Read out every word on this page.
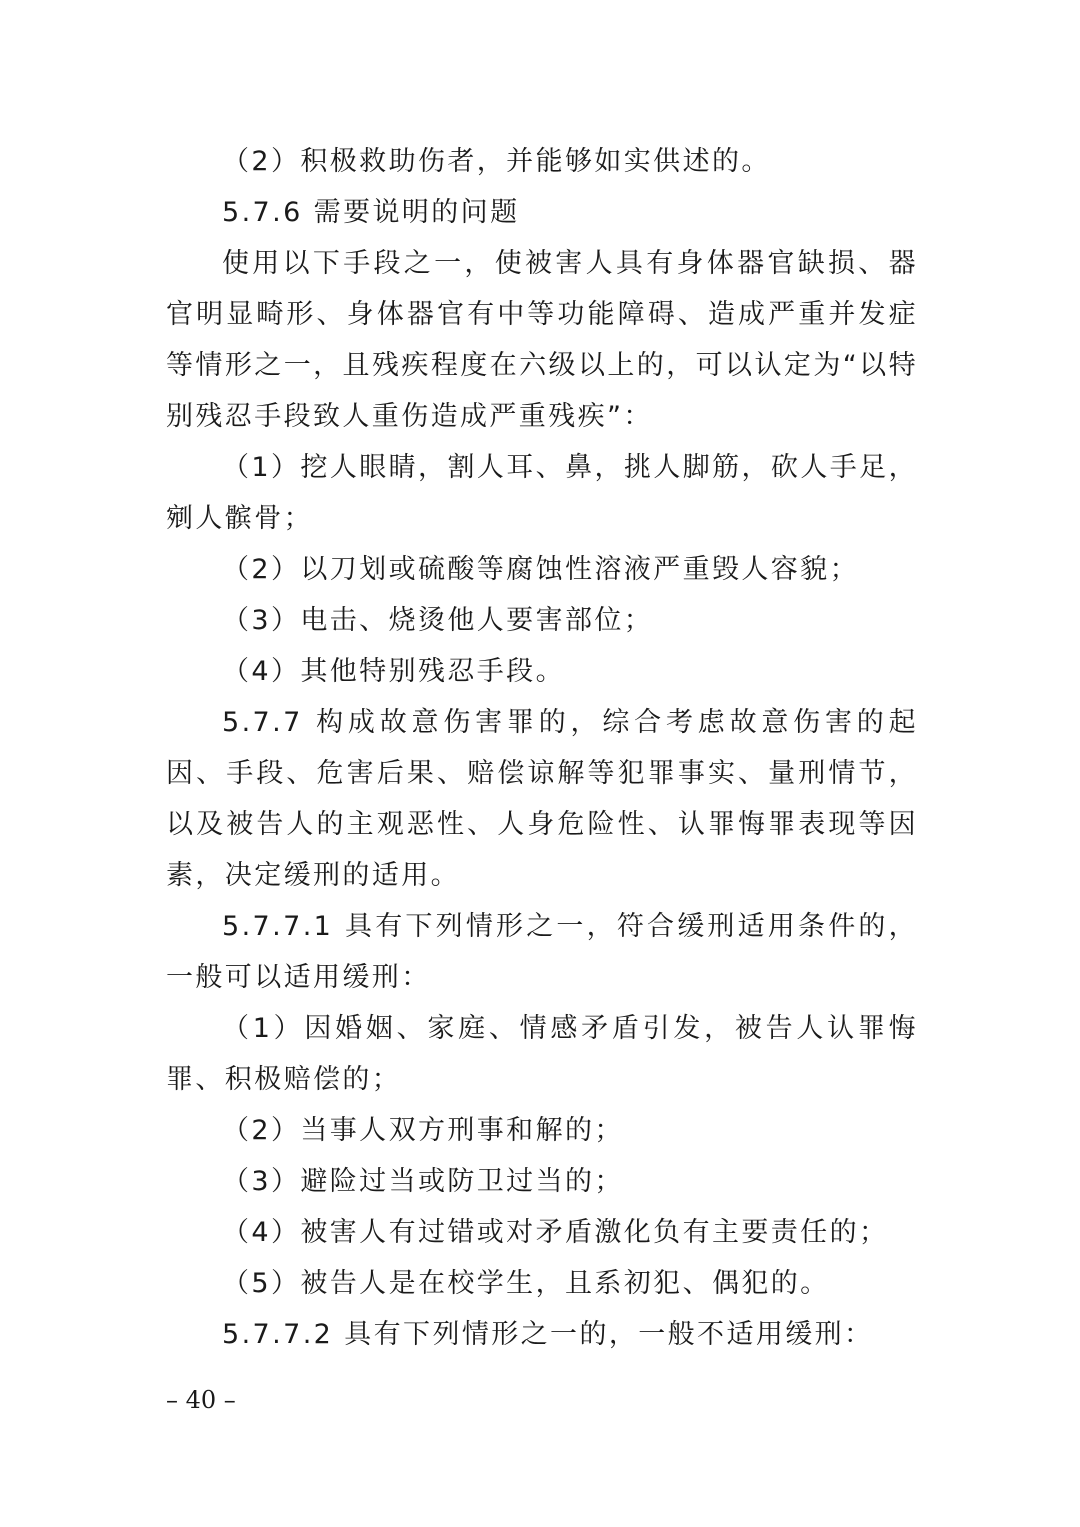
（2）积极救助伤者，并能够如实供述的。

5.7.6 需要说明的问题

使用以下手段之一，使被害人具有身体器官缺损、器官明显畸形、身体器官有中等功能障碍、造成严重并发症等情形之一，且残疾程度在六级以上的，可以认定为“以特别残忍手段致人重伤造成严重残疾”：

（1）挖人眼睛，割人耳、鼻，挑人脚筋，砍人手足，剜人髌骨；

（2）以刀划或硫酸等腐蚀性溶液严重毁人容貌；

（3）电击、烧烫他人要害部位；

（4）其他特别残忍手段。

5.7.7 构成故意伤害罪的，综合考虑故意伤害的起因、手段、危害后果、赔偿谅解等犯罪事实、量刑情节，以及被告人的主观恶性、人身危险性、认罪悔罪表现等因素，决定缓刑的适用。

5.7.7.1 具有下列情形之一，符合缓刑适用条件的，一般可以适用缓刑：

（1）因婚姻、家庭、情感矛盾引发，被告人认罪悔罪、积极赔偿的；

（2）当事人双方刑事和解的；

（3）避险过当或防卫过当的；

（4）被害人有过错或对矛盾激化负有主要责任的；

（5）被告人是在校学生，且系初犯、偶犯的。

5.7.7.2 具有下列情形之一的，一般不适用缓刑：

– 40 –
